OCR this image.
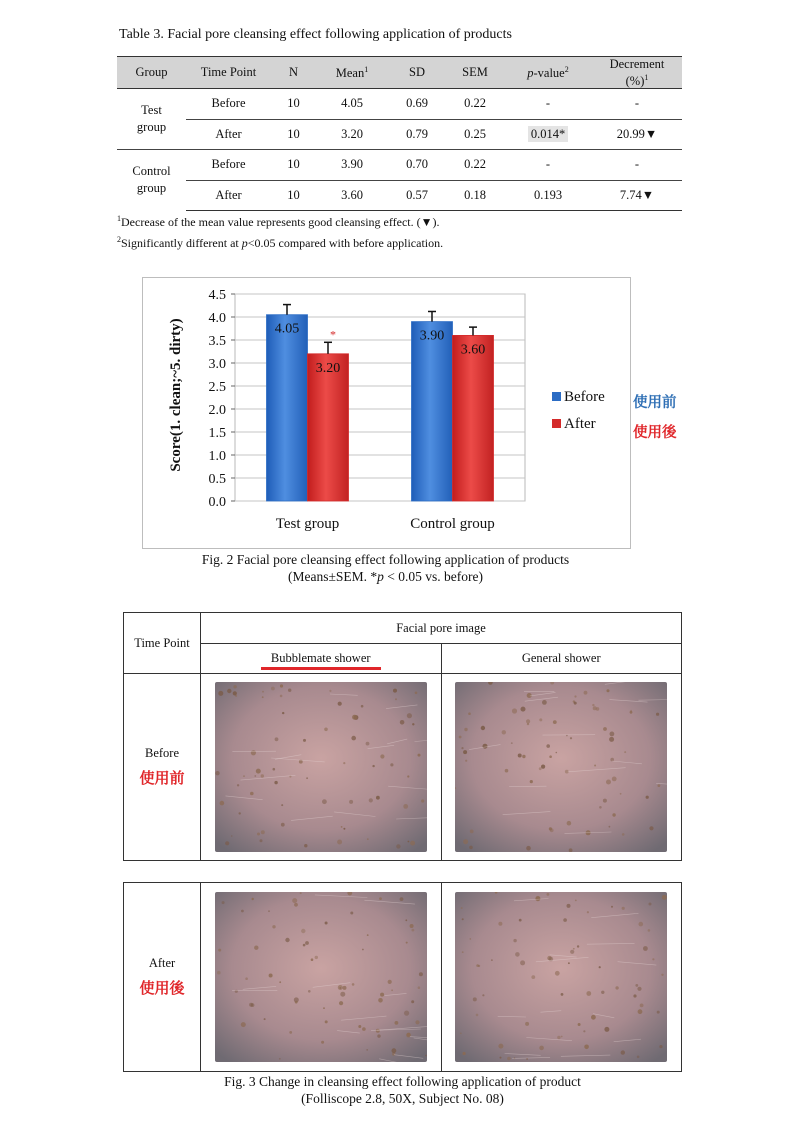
Table 3. Facial pore cleansing effect following application of products
Group	Time Point	N	Mean$^1$	SD	SEM	p-value$^2$	Decrement
(%)$^1$
Test
group	Before	10	4.05	0.69	0.22	-	-
	After	10	3.20	0.79	0.25	0.014*	20.99▼
Control
group	Before	10	3.90	0.70	0.22	-	-
	After	10	3.60	0.57	0.18	0.193	7.74▼
$^1$Decrease of the mean value represents good cleansing effect. (▼).
$^2$Significantly different at p<0.05 compared with before application.
0.0
0.5
1.0
1.5
2.0
2.5
3.0
3.5
4.0
4.5
4.05
3.20
*
Test group
3.90
3.60
Control group
Score(1. clean;~5. dirty)	Before
After
使用前
使用後
Fig. 2 Facial pore cleansing effect following application of products
(Means±SEM. *p < 0.05 vs. before)
Time Point	Facial pore image	
	Bubblemate shower	General shower
Before
使用前

After
使用後

Fig. 3 Change in cleansing effect following application of product
(Folliscope 2.8, 50X, Subject No. 08)
